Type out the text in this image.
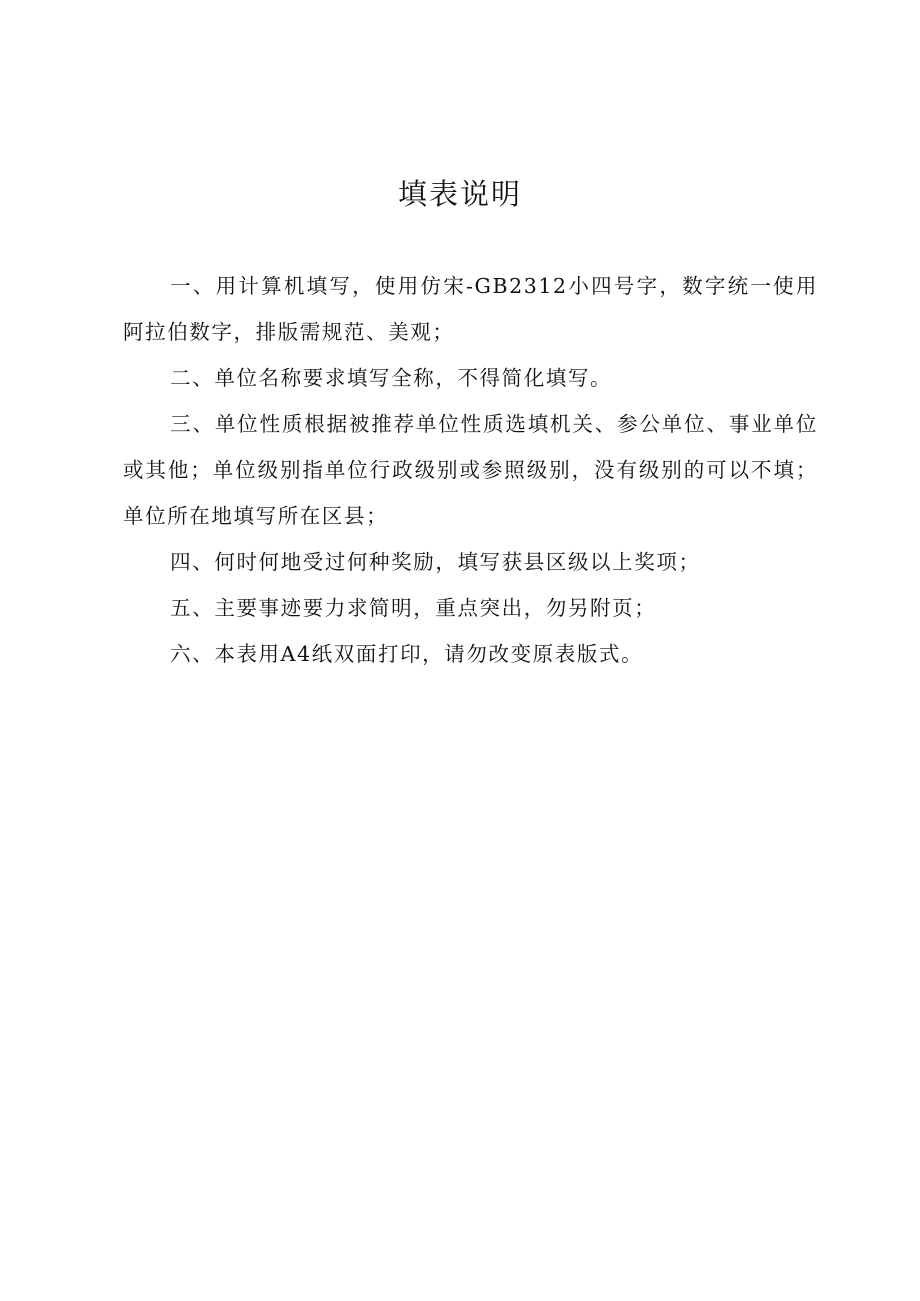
填表说明

一、用计算机填写，使用仿宋-GB2312小四号字，数字统一使用阿拉伯数字，排版需规范、美观；

二、单位名称要求填写全称，不得简化填写。

三、单位性质根据被推荐单位性质选填机关、参公单位、事业单位或其他；单位级别指单位行政级别或参照级别，没有级别的可以不填；单位所在地填写所在区县；

四、何时何地受过何种奖励，填写获县区级以上奖项；

五、主要事迹要力求简明，重点突出，勿另附页；

六、本表用A4纸双面打印，请勿改变原表版式。
